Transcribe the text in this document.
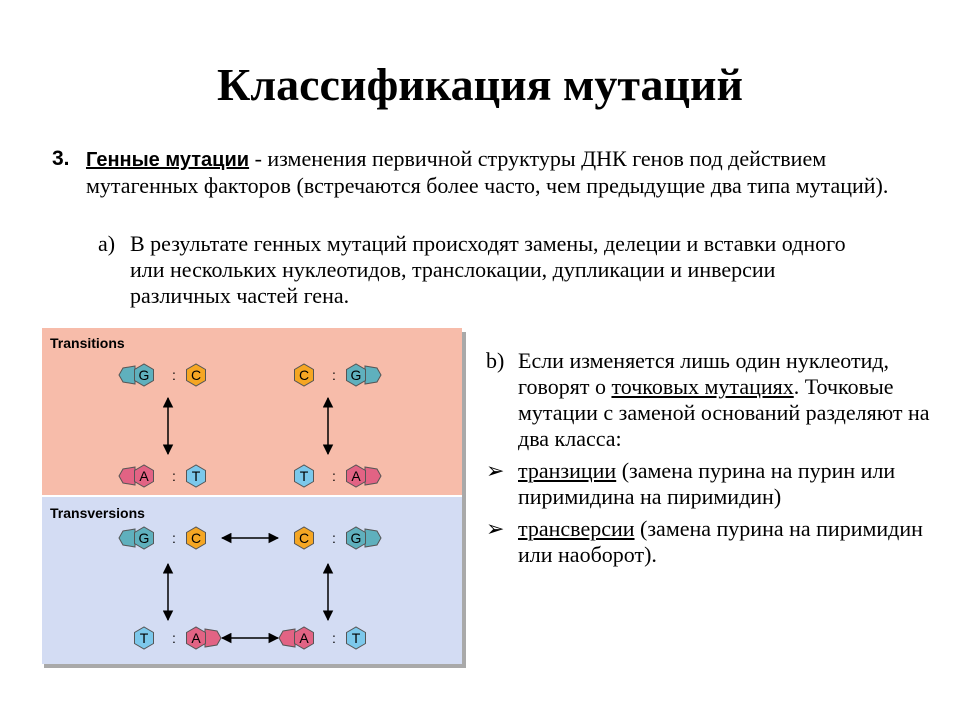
Классификация мутаций
3. Генные мутации - изменения первичной структуры ДНК генов под действием мутагенных факторов (встречаются более часто, чем предыдущие два типа мутаций).
a) В результате генных мутаций происходят замены, делеции и вставки одного или нескольких нуклеотидов, транслокации, дупликации и инверсии различных частей гена.
b) Если изменяется лишь один нуклеотид, говорят о точковых мутациях. Точковые мутации с заменой оснований разделяют на два класса:
➢ транзиции (замена пурина на пурин или пиримидина на пиримидин)
➢ трансверсии (замена пурина на пиримидин или наоборот).
Transitions
Transversions
G : C	C : G
A : T	T : A
G : C	C : G
T : A	A : T
